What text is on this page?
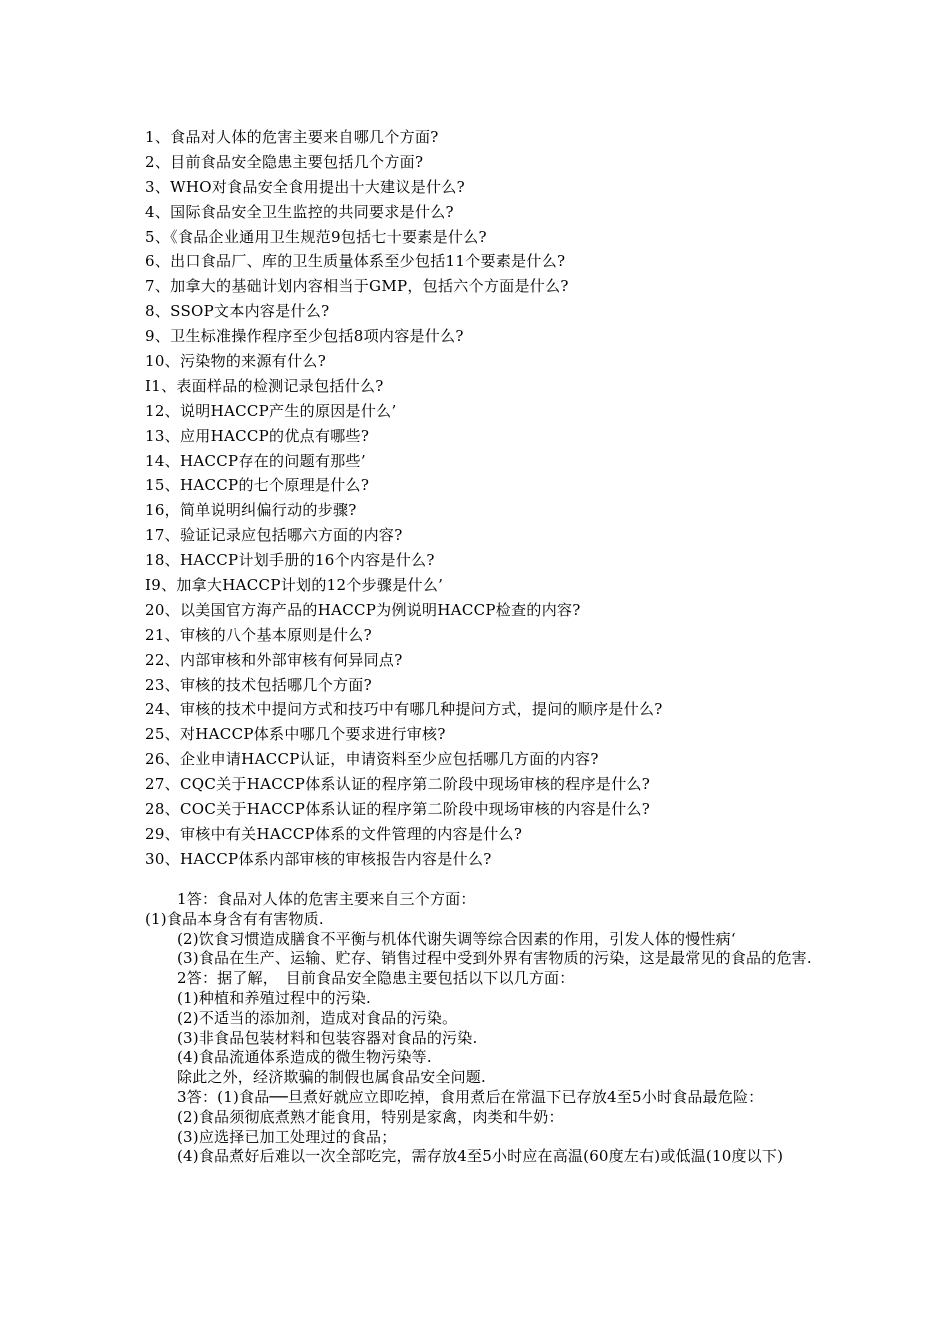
1、食品对人体的危害主要来自哪几个方面?
2、目前食品安全隐患主要包括几个方面?
3、WHO对食品安全食用提出十大建议是什么?
4、国际食品安全卫生监控的共同要求是什么?
5、《食品企业通用卫生规范9包括七十要素是什么?
6、出口食品厂、库的卫生质量体系至少包括11个要素是什么?
7、加拿大的基础计划内容相当于GMP，包括六个方面是什么?
8、SSOP文本内容是什么?
9、卫生标准操作程序至少包括8项内容是什么?
10、污染物的来源有什么?
I1、表面样品的检测记录包括什么?
12、说明HACCP产生的原因是什么’
13、应用HACCP的优点有哪些?
14、HACCP存在的问题有那些’
15、HACCP的七个原理是什么?
16，简单说明纠偏行动的步骤?
17、验证记录应包括哪六方面的内容?
18、HACCP计划手册的16个内容是什么?
I9、加拿大HACCP计划的12个步骤是什么’
20、以美国官方海产品的HACCP为例说明HACCP检查的内容?
21、审核的八个基本原则是什么?
22、内部审核和外部审核有何异同点?
23、审核的技术包括哪几个方面?
24、审核的技术中提问方式和技巧中有哪几种提问方式，提问的顺序是什么?
25、对HACCP体系中哪几个要求进行审核?
26、企业申请HACCP认证，申请资料至少应包括哪几方面的内容?
27、CQC关于HACCP体系认证的程序第二阶段中现场审核的程序是什么?
28、COC关于HACCP体系认证的程序第二阶段中现场审核的内容是什么?
29、审核中有关HACCP体系的文件管理的内容是什么?
30、HACCP体系内部审核的审核报告内容是什么?

1答：食品对人体的危害主要来自三个方面：

(1)食品本身含有有害物质.

(2)饮食习惯造成膳食不平衡与机体代谢失调等综合因素的作用，引发人体的慢性病‘

(3)食品在生产、运输、贮存、销售过程中受到外界有害物质的污染，这是最常见的食品的危害.

2答：据了解，　目前食品安全隐患主要包括以下以几方面：

(1)种植和养殖过程中的污染.

(2)不适当的添加剂，造成对食品的污染。

(3)非食品包装材料和包装容器对食品的污染.

(4)食品流通体系造成的微生物污染等.

除此之外，经济欺骗的制假也属食品安全问题.

3答：(1)食品──旦煮好就应立即吃掉，食用煮后在常温下已存放4至5小时食品最危险：

(2)食品须彻底煮熟才能食用，特别是家禽，肉类和牛奶：

(3)应选择已加工处理过的食品；

(4)食品煮好后难以一次全部吃完，需存放4至5小时应在高温(60度左右)或低温(10度以下)
